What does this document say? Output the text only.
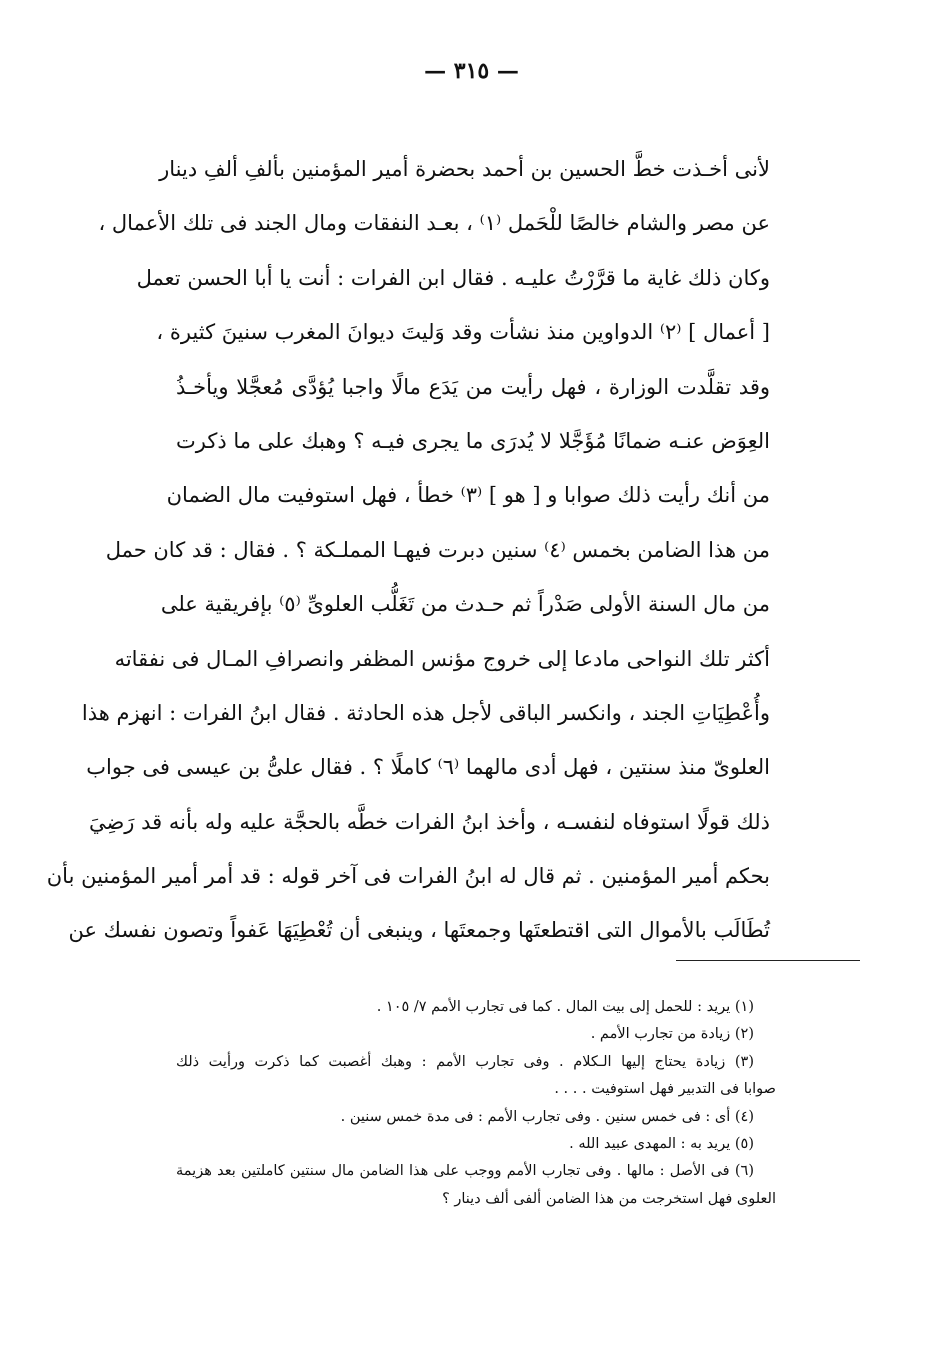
— ٣١٥ —
لأنى أخـذت خطَّ الحسين بن أحمد بحضرة أمير المؤمنين بألفِ ألفِ دينار
عن مصر والشام خالصًا للْحَمل ⁽١⁾ ، بعـد النفقات ومال الجند فى تلك الأعمال ،
وكان ذلك غاية ما قرَّرْتُ عليـه . فقال ابن الفرات : أنت يا أبا الحسن تعمل
[ أعمال ] ⁽٢⁾ الدواوين منذ نشأت وقد وَليتَ ديوانَ المغرب سنينَ كثيرة ،
وقد تقلَّدت الوزارة ، فهل رأيت من يَدَع مالًا واجبا يُؤدَّى مُعجَّلا ويأخـذُ
العِوَض عنـه ضمانًا مُؤَجَّلا لا يُدرَى ما يجرى فيـه ؟ وهبك على ما ذكرت
من أنك رأيت ذلك صوابا و [ هو ] ⁽٣⁾ خطأ ، فهل استوفيت مال الضمان
من هذا الضامن بخمس ⁽٤⁾ سنين دبرت فيهـا المملـكة ؟ . فقال : قد كان حمل
من مال السنة الأولى صَدْراً ثم حـدث من تَغَلُّب العلوىِّ ⁽٥⁾ بإفريقية على
أكثر تلك النواحى مادعا إلى خروج مؤنس المظفر وانصرافِ المـال فى نفقاته
وأُعْطِيَاتِ الجند ، وانكسر الباقى لأجل هذه الحادثة . فقال ابنُ الفرات : انهزم هذا
العلوىّ منذ سنتين ، فهل أدى مالهما ⁽٦⁾ كاملًا ؟ . فقال علىُّ بن عيسى فى جواب
ذلك قولًا استوفاه لنفسـه ، وأخذ ابنُ الفرات خطَّه بالحجَّة عليه وله بأنه قد رَضِيَ
بحكم أمير المؤمنين . ثم قال له ابنُ الفرات فى آخر قوله : قد أمر أمير المؤمنين بأن
تُطَالَب بالأموال التى اقتطعتَها وجمعتَها ، وينبغى أن تُعْطِيَهَا عَفواً وتصون نفسك عن
(١) يريد : للحمل إلى بيت المال . كما فى تجارب الأمم ٧/ ١٠٥ .
(٢) زيادة من تجارب الأمم .
(٣) زيادة يحتاج إليها الـكلام . وفى تجارب الأمم : وهبك أغصبت كما ذكرت ورأيت ذلك
صوابا فى التدبير فهل استوفيت . . . .
(٤) أى : فى خمس سنين . وفى تجارب الأمم : فى مدة خمس سنين .
(٥) يريد به : المهدى عبيد الله .
(٦) فى الأصل : مالها . وفى تجارب الأمم ووجب على هذا الضامن مال سنتين كاملتين بعد هزيمة
العلوى فهل استخرجت من هذا الضامن ألفى ألف دينار ؟
